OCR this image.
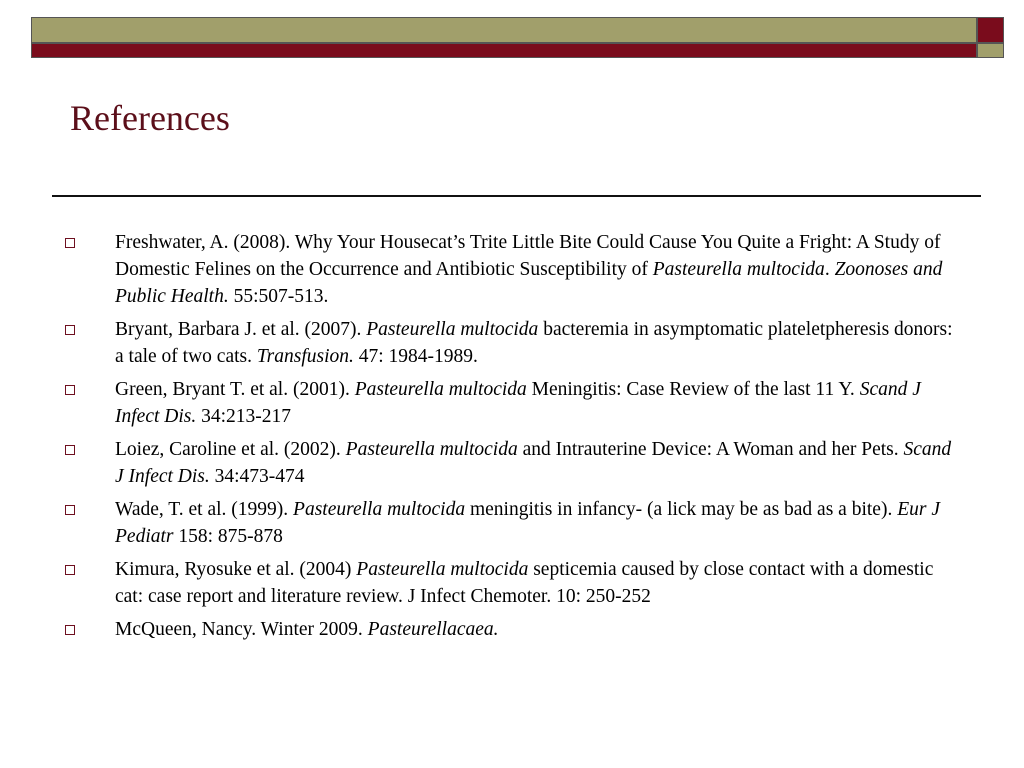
References
Freshwater, A. (2008). Why Your Housecat’s Trite Little Bite Could Cause You Quite a Fright: A Study of Domestic Felines on the Occurrence and Antibiotic Susceptibility of Pasteurella multocida. Zoonoses and Public Health. 55:507-513.
Bryant, Barbara J. et al. (2007). Pasteurella multocida bacteremia in asymptomatic plateletpheresis donors: a tale of two cats. Transfusion. 47: 1984-1989.
Green, Bryant T. et al. (2001). Pasteurella multocida Meningitis: Case Review of the last 11 Y. Scand J Infect Dis. 34:213-217
Loiez, Caroline et al. (2002). Pasteurella multocida and Intrauterine Device: A Woman and her Pets. Scand J Infect Dis. 34:473-474
Wade, T. et al. (1999). Pasteurella multocida meningitis in infancy- (a lick may be as bad as a bite). Eur J Pediatr 158: 875-878
Kimura, Ryosuke et al. (2004) Pasteurella multocida septicemia caused by close contact with a domestic cat: case report and literature review. J Infect Chemoter. 10: 250-252
McQueen, Nancy. Winter 2009. Pasteurellacaea.
